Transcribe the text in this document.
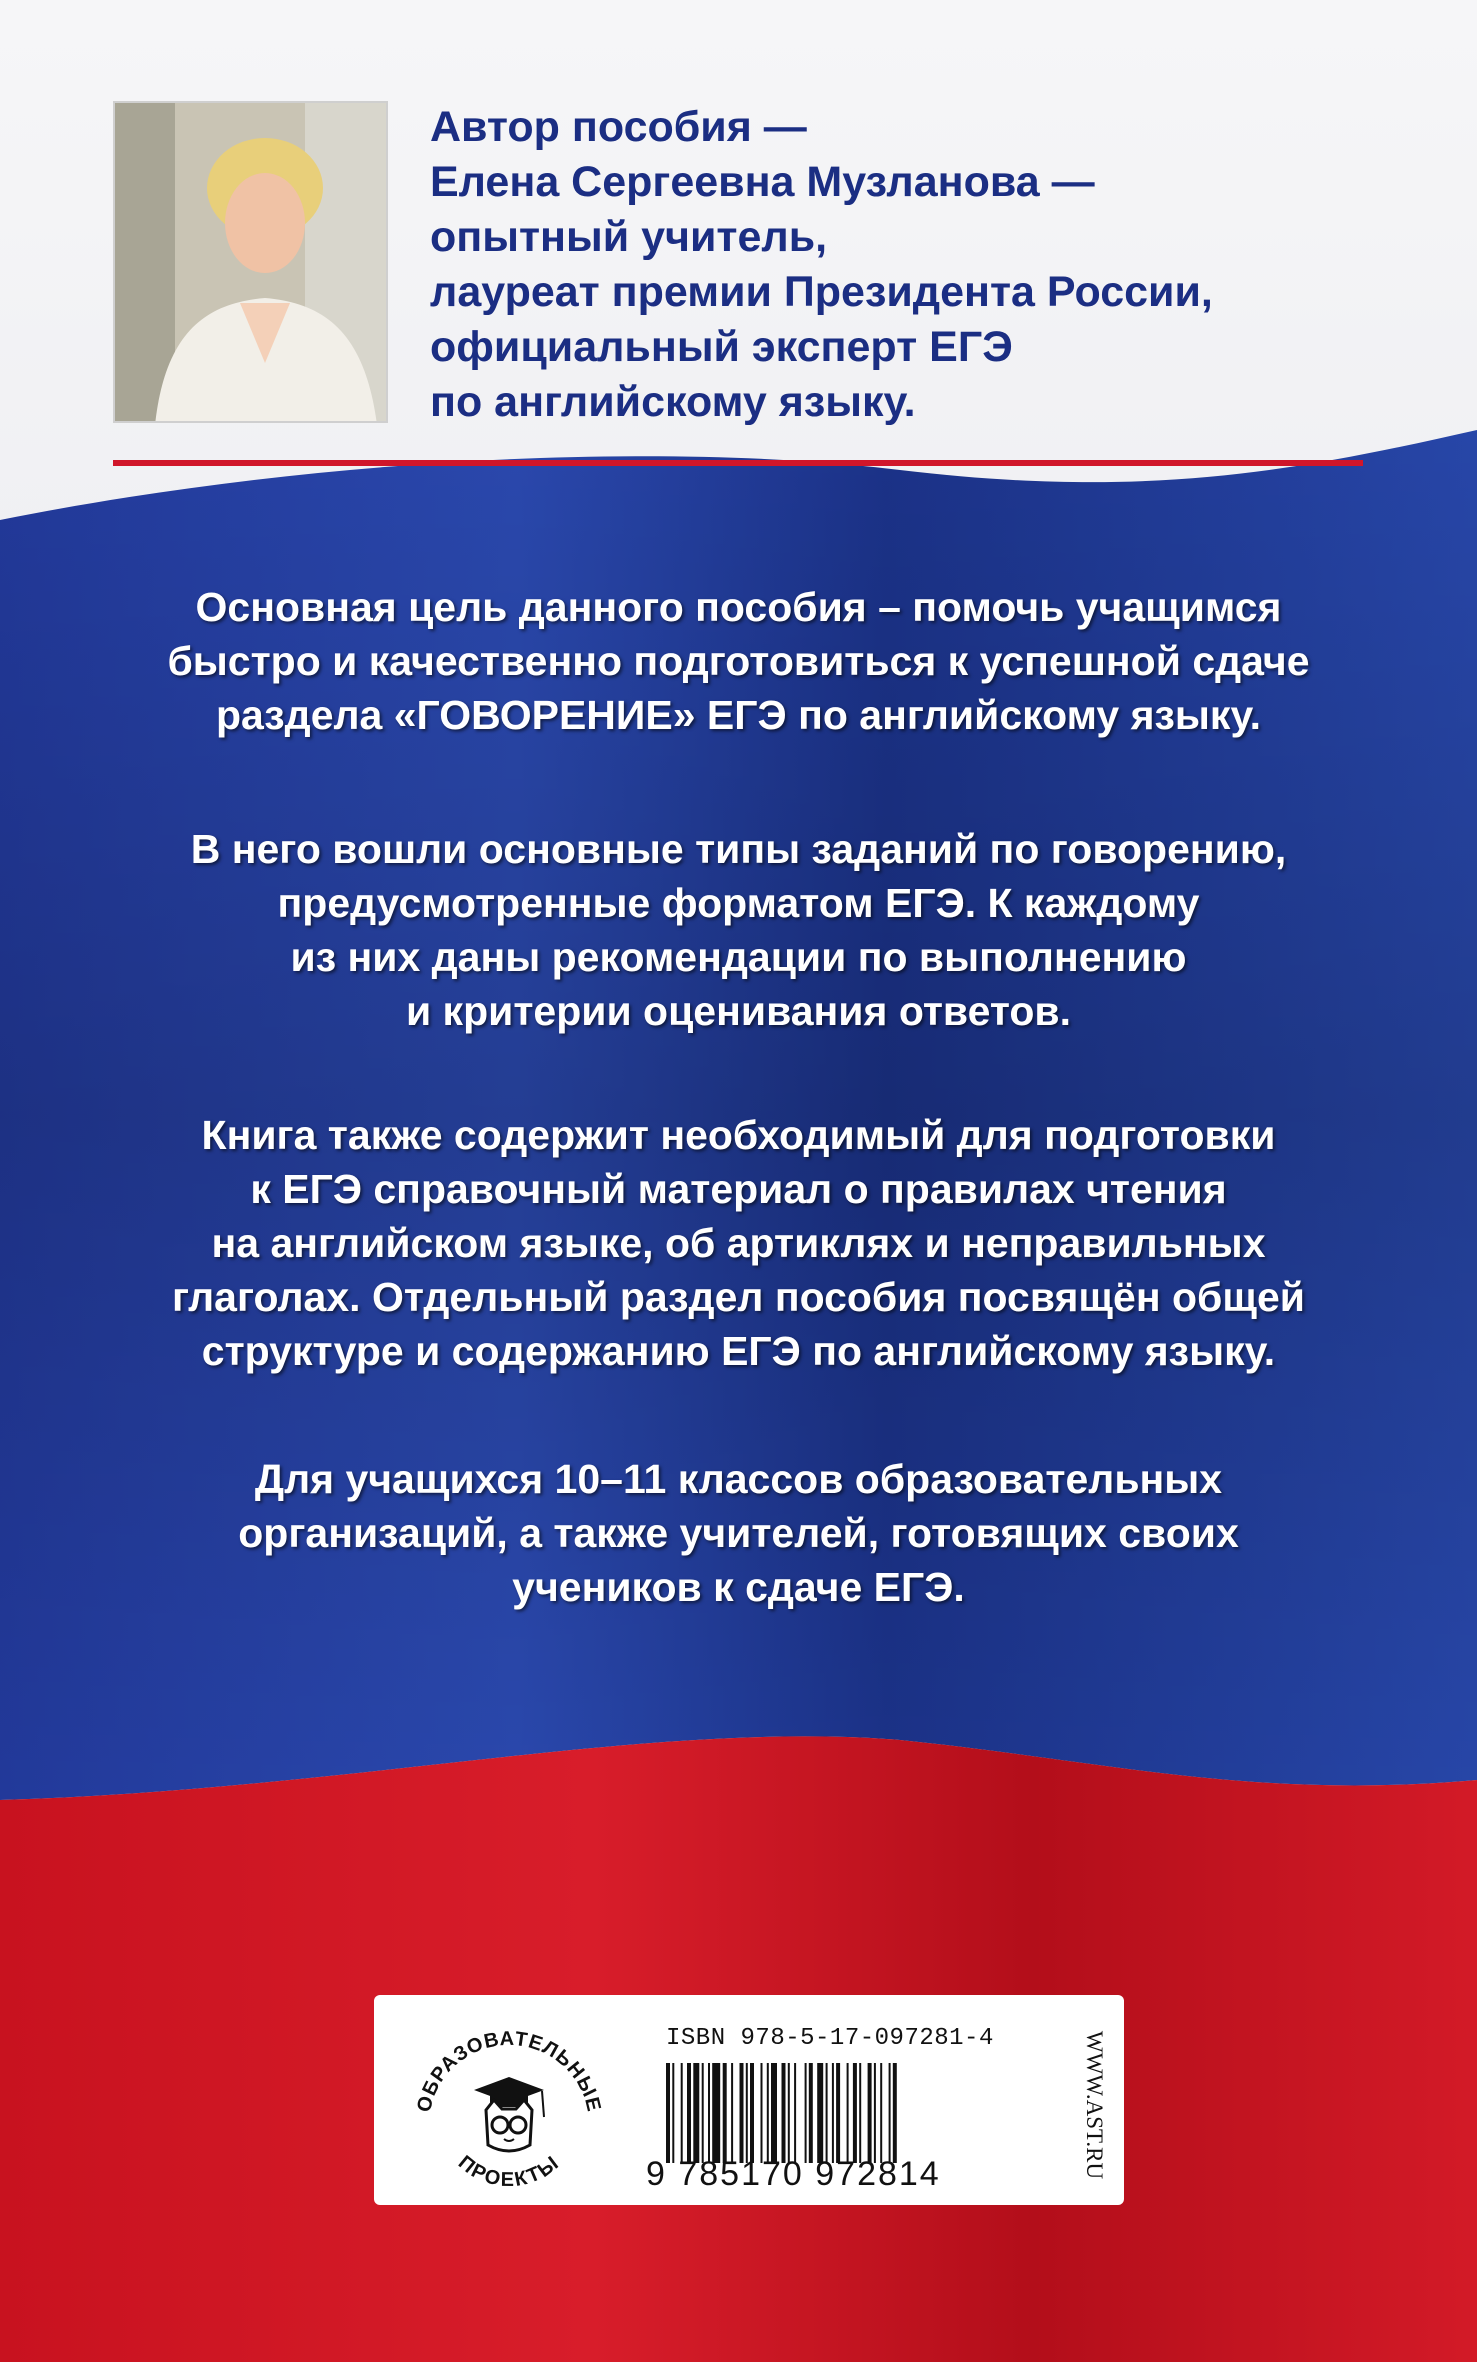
Автор пособия —
Елена Сергеевна Музланова —
опытный учитель,
лауреат премии Президента России,
официальный эксперт ЕГЭ
по английскому языку.
Основная цель данного пособия – помочь учащимся
быстро и качественно подготовиться к успешной сдаче
раздела «ГОВОРЕНИЕ» ЕГЭ по английскому языку.
В него вошли основные типы заданий по говорению,
предусмотренные форматом ЕГЭ. К каждому
из них даны рекомендации по выполнению
и критерии оценивания ответов.
Книга также содержит необходимый для подготовки
к ЕГЭ справочный материал о правилах чтения
на английском языке, об артиклях и неправильных
глаголах. Отдельный раздел пособия посвящён общей
структуре и содержанию ЕГЭ по английскому языку.
Для учащихся 10–11 классов образовательных
организаций, а также учителей, готовящих своих
учеников к сдаче ЕГЭ.
ОБРАЗОВАТЕЛЬНЫЕ
ПРОЕКТЫ
ISBN 978-5-17-097281-4
9 785170 972814	WWW.AST.RU
